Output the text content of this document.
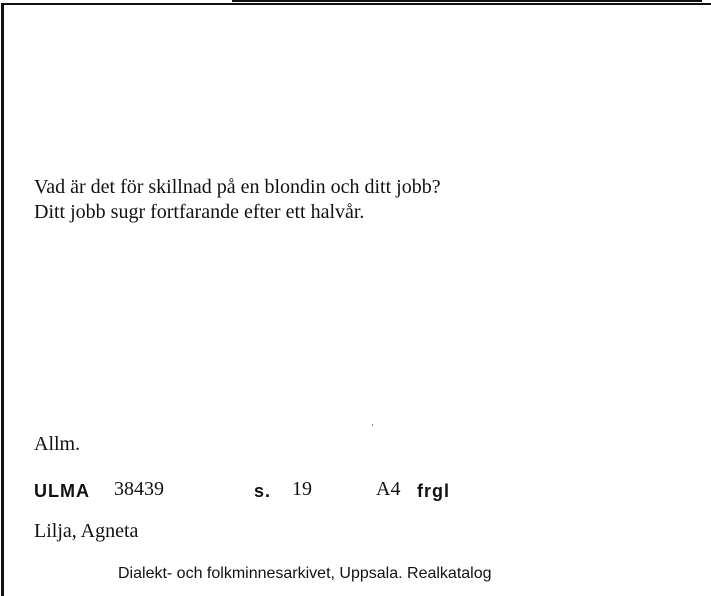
Vad är det för skillnad på en blondin och ditt jobb?
Ditt jobb sugr fortfarande efter ett halvår.
Allm.
ULMA 38439	s. 19	A4 frgl
Lilja, Agneta
Dialekt- och folkminnesarkivet, Uppsala. Realkatalog
